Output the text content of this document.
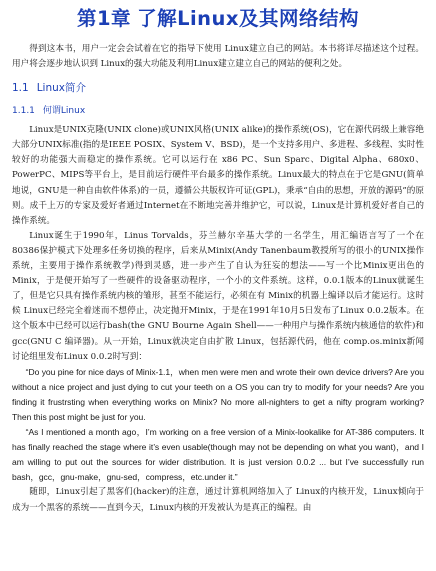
第1章 了解Linux及其网络结构

得到这本书，用户一定会会试着在它的指导下使用 Linux建立自己的网站。本书将详尽描述这个过程。用户将会逐步地认识到 Linux的强大功能及利用Linux建立建立自己的网站的便利之处。

1.1 Linux简介
1.1.1 何谓Linux

Linux是UNIX克隆(UNIX clone)或UNIX风格(UNIX alike)的操作系统(OS)，它在源代码级上兼容绝大部分UNIX标准(指的是IEEE POSIX、System V、BSD)，是一个支持多用户、多进程、多线程、实时性较好的功能强大而稳定的操作系统。它可以运行在 x86 PC、Sun Sparc、Digital Alpha、680x0、PowerPC、MIPS等平台上，是目前运行硬件平台最多的操作系统。Linux最大的特点在于它是GNU(简单地说，GNU是一种自由软件体系)的一员，遵循公共版权许可证(GPL)，秉承“自由的思想，开放的源码”的原则。成千上万的专家及爱好者通过Internet在不断地完善并维护它，可以说，Linux是计算机爱好者自己的操作系统。

Linux诞生于1990年，Linus Torvalds，芬兰赫尔辛基大学的一名学生，用汇编语言写了一个在80386保护模式下处理多任务切换的程序，后来从Minix(Andy Tanenbaum教授所写的很小的UNIX操作系统，主要用于操作系统教学)得到灵感，进一步产生了自认为狂妄的想法——写一个比Minix更出色的Minix，于是便开始写了一些硬件的设备驱动程序，一个小的文件系统。这样，0.0.1版本的Linux就诞生了，但是它只具有操作系统内核的雏形，甚至不能运行，必须在有 Minix的机器上编译以后才能运行。这时候 Linux已经完全着迷而不想停止，决定抛开Minix，于是在1991年10月5日发布了Linux 0.0.2版本。在这个版本中已经可以运行bash(the GNU Bourne Again Shell——一种用户与操作系统内核通信的软件)和gcc(GNU C 编译器)。从一开始，Linux就决定自由扩散 Linux，包括源代码，他在 comp.os.minix新闻讨论组里发布Linux 0.0.2时写到：

“Do you pine for nice days of Minix-1.1，when men were men and wrote their own device drivers? Are you without a nice project and just dying to cut your teeth on a OS you can try to modify for your needs? Are you finding it frustrsting when everything works on Minix? No more all-nighters to get a nifty program working? Then this post might be just for you.

“As I mentioned a month ago，I’m working on a free version of a Minix-lookalike for AT-386 computers. It has finally reached the stage where it’s even usable(though may not be depending on what you want)，and I am willing to put out the sources for wider distribution. It is just version 0.0.2 ... but I’ve successfully run bash，gcc，gnu-make，gnu-sed，compress，etc.under it.”

随即，Linux引起了黑客们(hacker)的注意，通过计算机网络加入了 Linux的内核开发，Linux倾向于成为一个黑客的系统——直到今天，Linux内核的开发被认为是真正的编程。由
